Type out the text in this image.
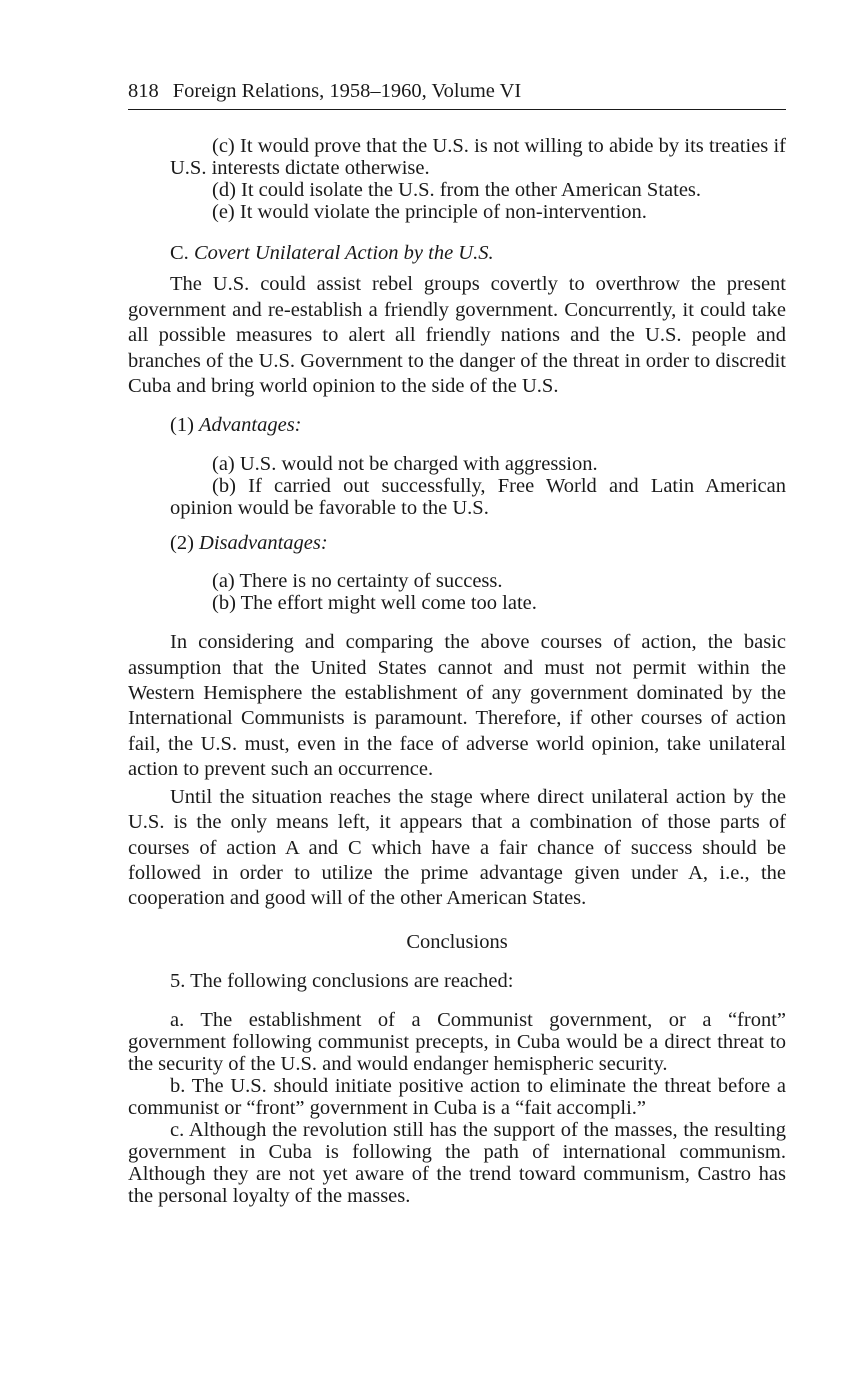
818 Foreign Relations, 1958–1960, Volume VI

(c) It would prove that the U.S. is not willing to abide by its treaties if U.S. interests dictate otherwise.

(d) It could isolate the U.S. from the other American States.

(e) It would violate the principle of non-intervention.

C. Covert Unilateral Action by the U.S.

The U.S. could assist rebel groups covertly to overthrow the present government and re-establish a friendly government. Concurrently, it could take all possible measures to alert all friendly nations and the U.S. people and branches of the U.S. Government to the danger of the threat in order to discredit Cuba and bring world opinion to the side of the U.S.

(1) Advantages:

(a) U.S. would not be charged with aggression.

(b) If carried out successfully, Free World and Latin American opinion would be favorable to the U.S.

(2) Disadvantages:

(a) There is no certainty of success.

(b) The effort might well come too late.

In considering and comparing the above courses of action, the basic assumption that the United States cannot and must not permit within the Western Hemisphere the establishment of any government dominated by the International Communists is paramount. Therefore, if other courses of action fail, the U.S. must, even in the face of adverse world opinion, take unilateral action to prevent such an occurrence.

Until the situation reaches the stage where direct unilateral action by the U.S. is the only means left, it appears that a combination of those parts of courses of action A and C which have a fair chance of success should be followed in order to utilize the prime advantage given under A, i.e., the cooperation and good will of the other American States.

Conclusions

5. The following conclusions are reached:

a. The establishment of a Communist government, or a “front” government following communist precepts, in Cuba would be a direct threat to the security of the U.S. and would endanger hemispheric security.

b. The U.S. should initiate positive action to eliminate the threat before a communist or “front” government in Cuba is a “fait accompli.”

c. Although the revolution still has the support of the masses, the resulting government in Cuba is following the path of international communism. Although they are not yet aware of the trend toward communism, Castro has the personal loyalty of the masses.
